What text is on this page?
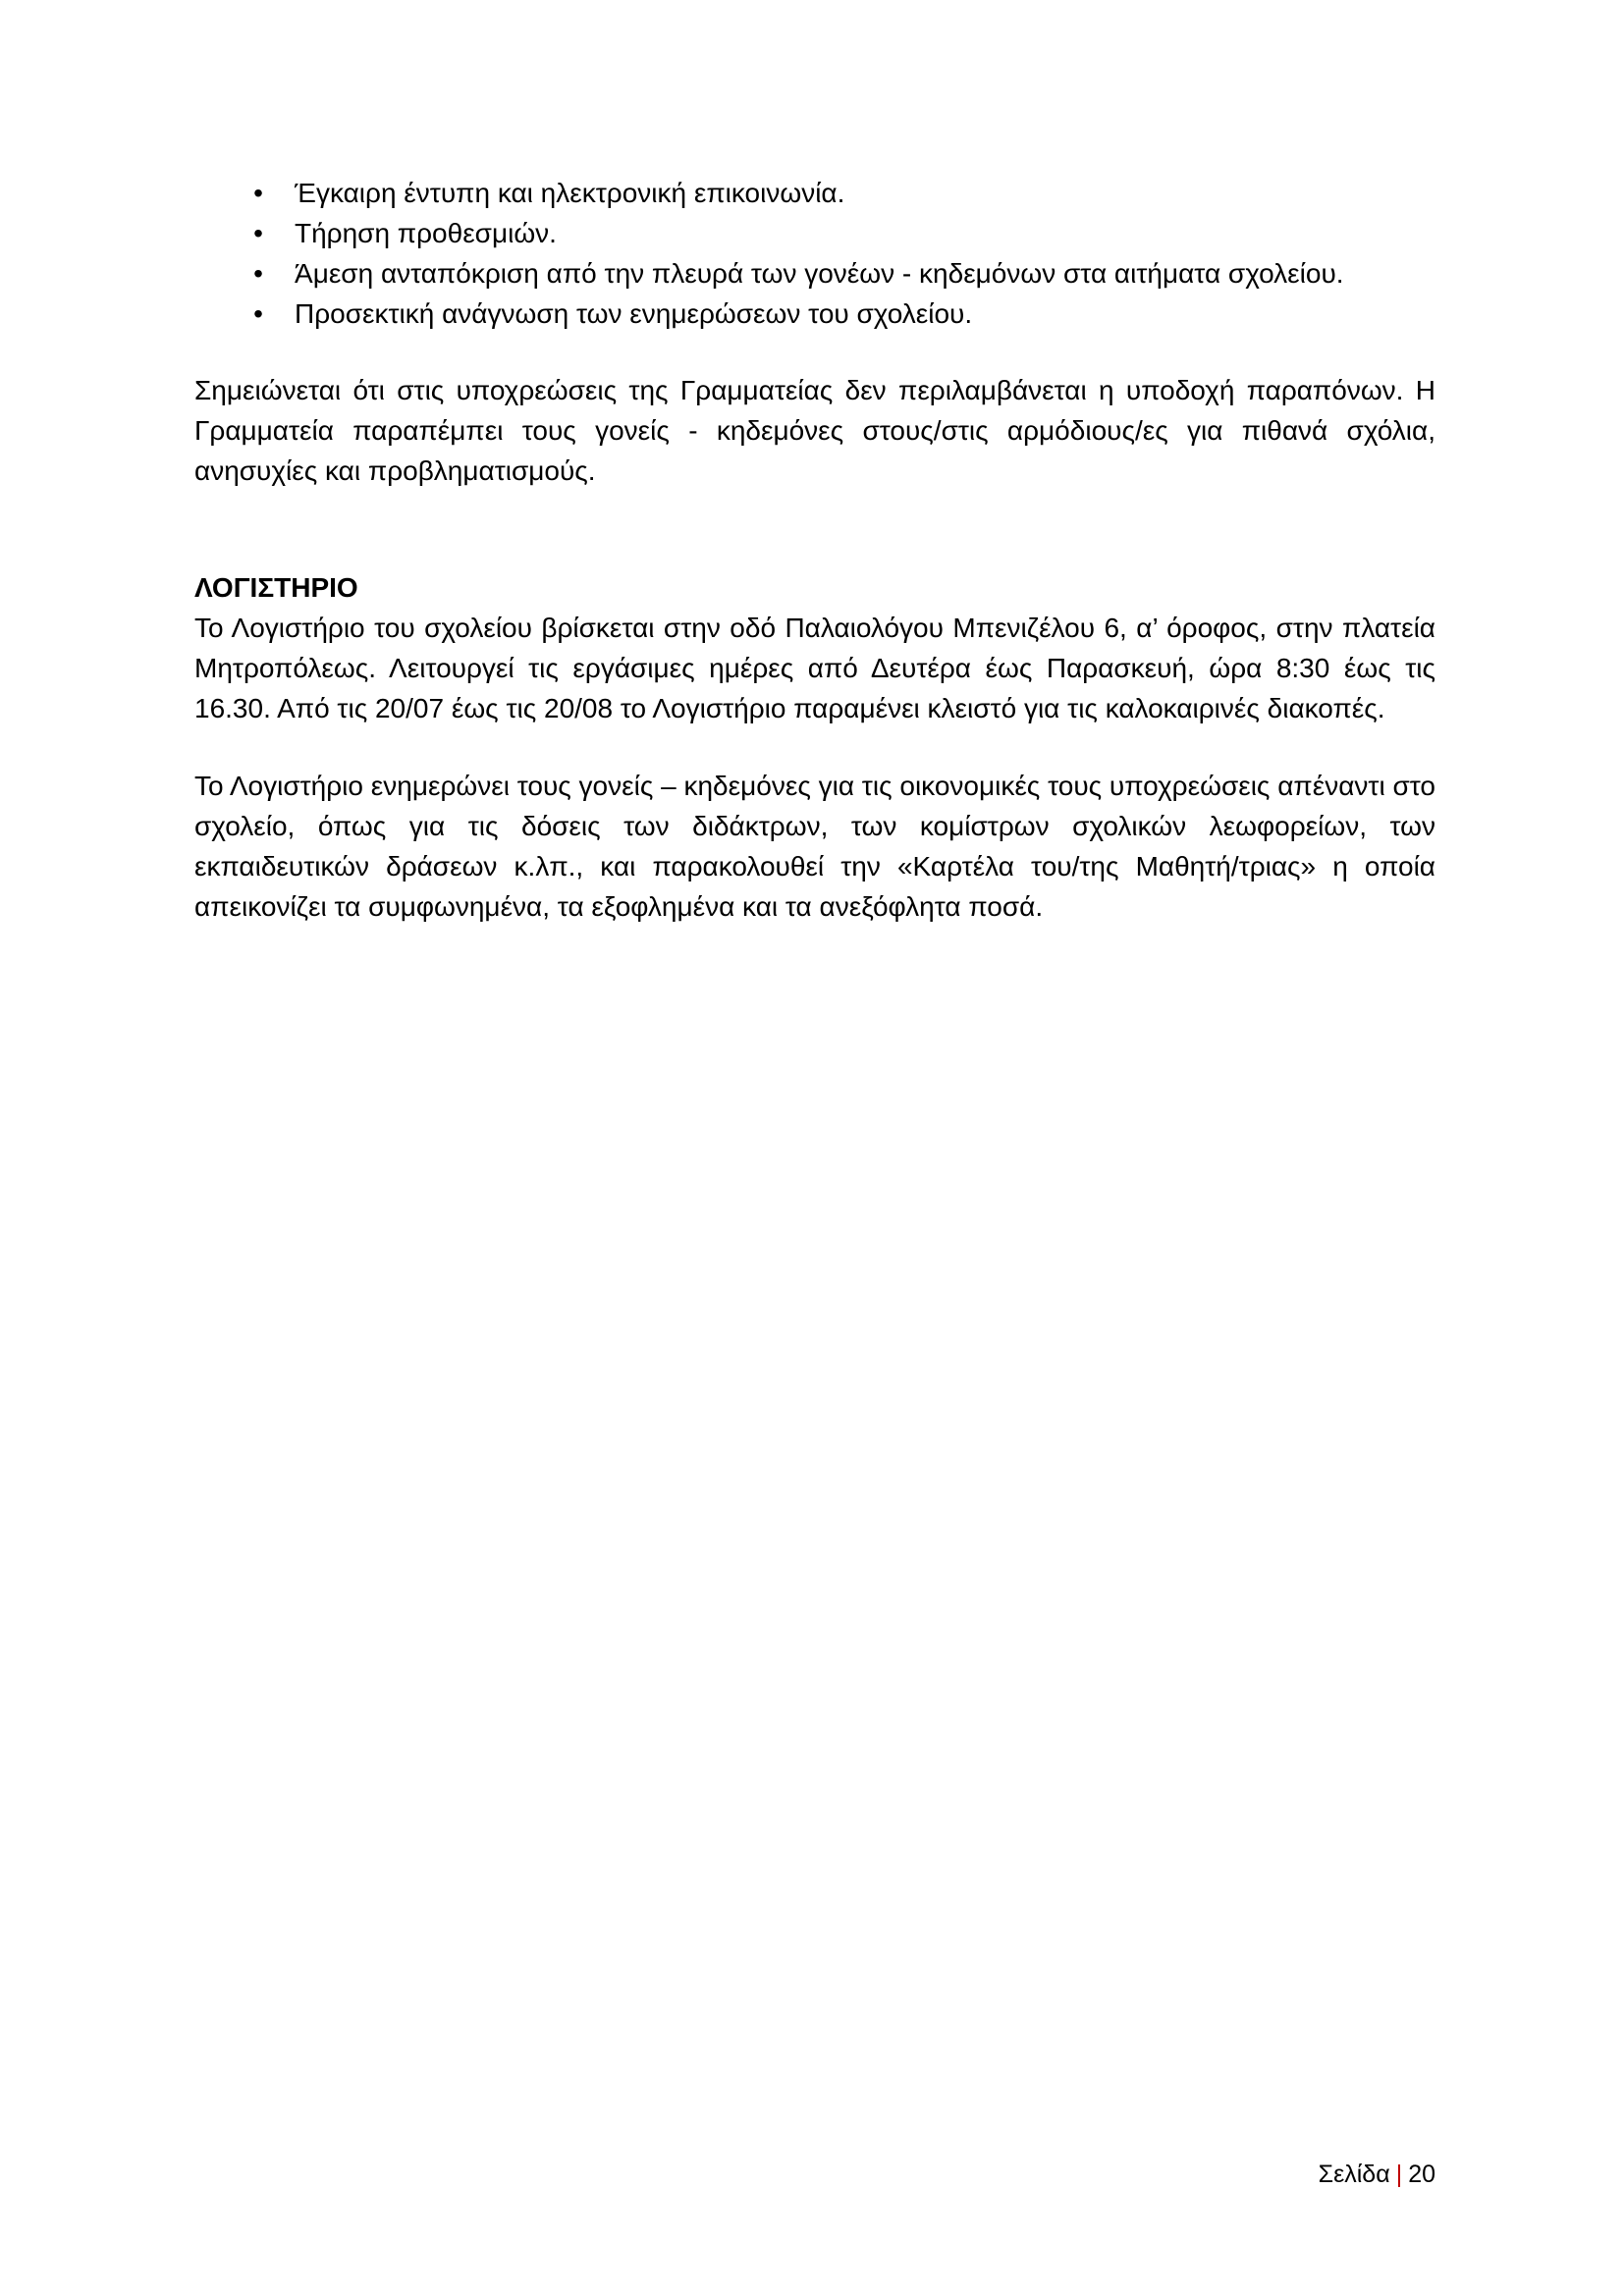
• Έγκαιρη έντυπη και ηλεκτρονική επικοινωνία.
• Τήρηση προθεσμιών.
• Άμεση ανταπόκριση από την πλευρά των γονέων - κηδεμόνων στα αιτήματα σχολείου.
• Προσεκτική ανάγνωση των ενημερώσεων του σχολείου.

Σημειώνεται ότι στις υποχρεώσεις της Γραμματείας δεν περιλαμβάνεται η υποδοχή παραπόνων. Η Γραμματεία παραπέμπει τους γονείς - κηδεμόνες στους/στις αρμόδιους/ες για πιθανά σχόλια, ανησυχίες και προβληματισμούς.

ΛΟΓΙΣΤΗΡΙΟ

Το Λογιστήριο του σχολείου βρίσκεται στην οδό Παλαιολόγου Μπενιζέλου 6, α’ όροφος, στην πλατεία Μητροπόλεως. Λειτουργεί τις εργάσιμες ημέρες από Δευτέρα έως Παρασκευή, ώρα 8:30 έως τις 16.30. Από τις 20/07 έως τις 20/08 το Λογιστήριο παραμένει κλειστό για τις καλοκαιρινές διακοπές.

Το Λογιστήριο ενημερώνει τους γονείς – κηδεμόνες για τις οικονομικές τους υποχρεώσεις απέναντι στο σχολείο, όπως για τις δόσεις των διδάκτρων, των κομίστρων σχολικών λεωφορείων, των εκπαιδευτικών δράσεων κ.λπ., και παρακολουθεί την «Καρτέλα του/της Μαθητή/τριας» η οποία απεικονίζει τα συμφωνημένα, τα εξοφλημένα και τα ανεξόφλητα ποσά.

Σελίδα | 20
